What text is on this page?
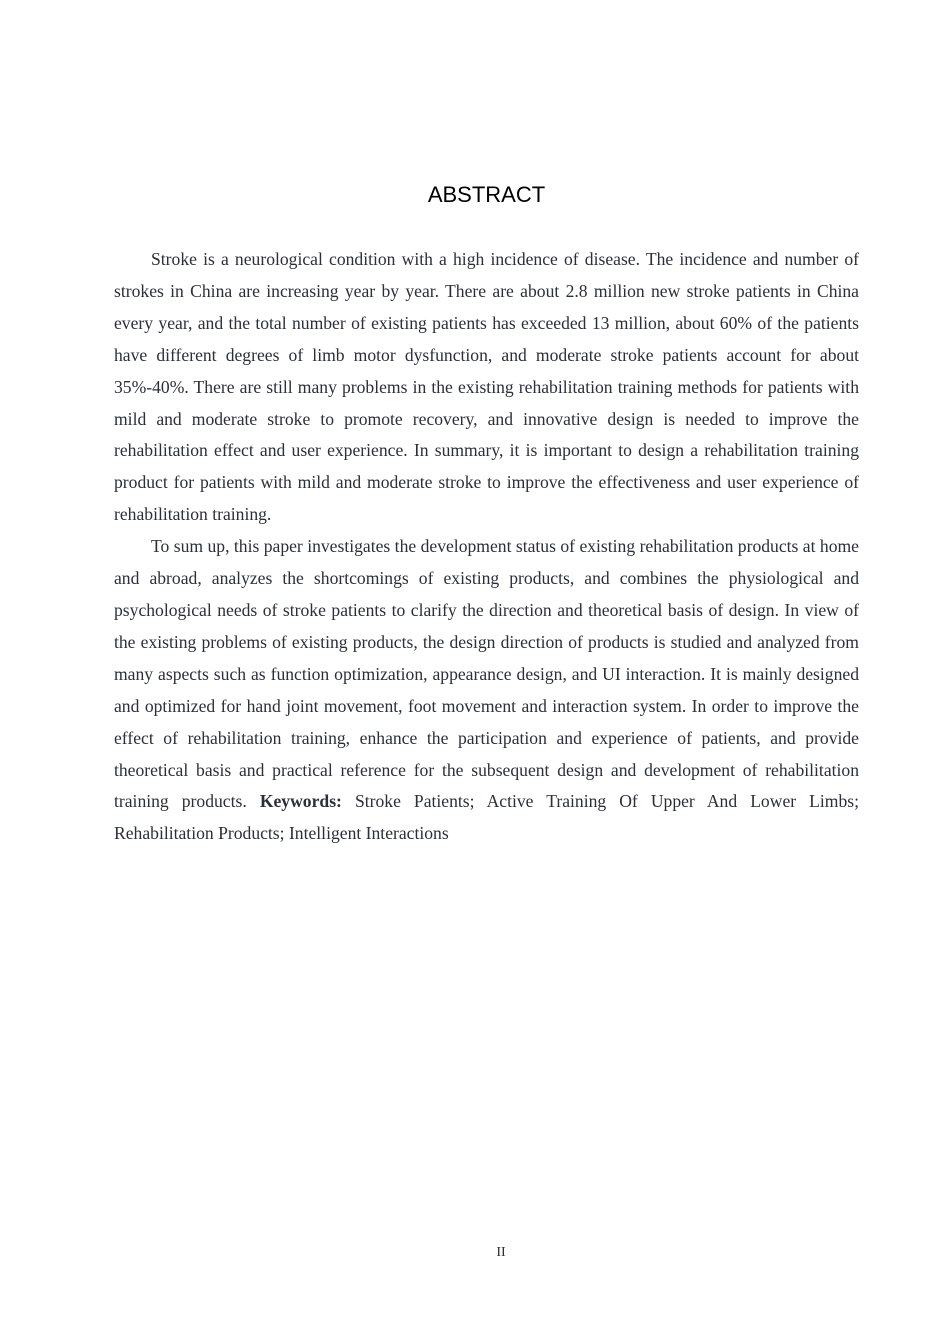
ABSTRACT

Stroke is a neurological condition with a high incidence of disease. The incidence and number of strokes in China are increasing year by year. There are about 2.8 million new stroke patients in China every year, and the total number of existing patients has exceeded 13 million, about 60% of the patients have different degrees of limb motor dysfunction, and moderate stroke patients account for about 35%-40%. There are still many problems in the existing rehabilitation training methods for patients with mild and moderate stroke to promote recovery, and innovative design is needed to improve the rehabilitation effect and user experience. In summary, it is important to design a rehabilitation training product for patients with mild and moderate stroke to improve the effectiveness and user experience of rehabilitation training.

To sum up, this paper investigates the development status of existing rehabilitation products at home and abroad, analyzes the shortcomings of existing products, and combines the physiological and psychological needs of stroke patients to clarify the direction and theoretical basis of design. In view of the existing problems of existing products, the design direction of products is studied and analyzed from many aspects such as function optimization, appearance design, and UI interaction. It is mainly designed and optimized for hand joint movement, foot movement and interaction system. In order to improve the effect of rehabilitation training, enhance the participation and experience of patients, and provide theoretical basis and practical reference for the subsequent design and development of rehabilitation training products. Keywords: Stroke Patients; Active Training Of Upper And Lower Limbs; Rehabilitation Products; Intelligent Interactions

II
